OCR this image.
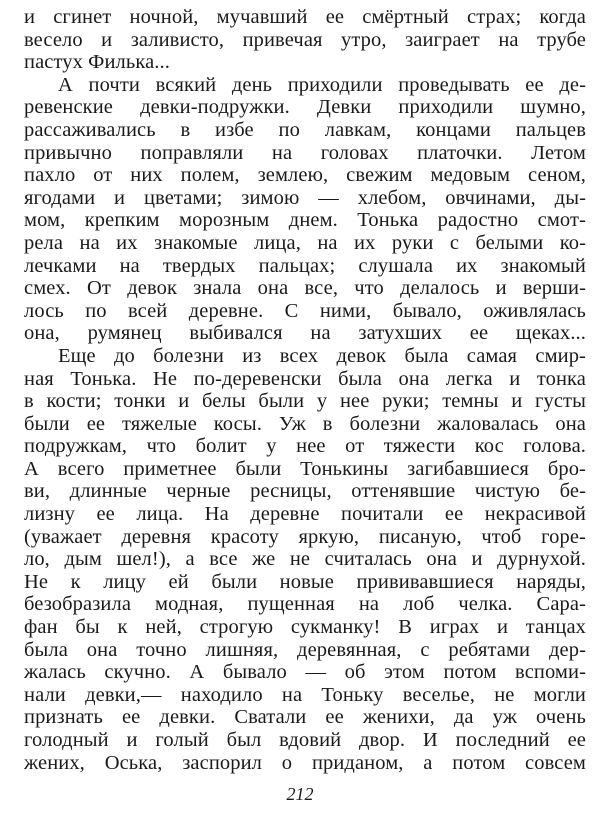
и сгинет ночной, мучавший ее смёртный страх; когда
весело и заливисто, привечая утро, заиграет на трубе
пастух Филька...
А почти всякий день приходили проведывать ее де-
ревенские девки-подружки. Девки приходили шумно,
рассаживались в избе по лавкам, концами пальцев
привычно поправляли на головах платочки. Летом
пахло от них полем, землею, свежим медовым сеном,
ягодами и цветами; зимою — хлебом, овчинами, ды-
мом, крепким морозным днем. Тонька радостно смот-
рела на их знакомые лица, на их руки с белыми ко-
лечками на твердых пальцах; слушала их знакомый
смех. От девок знала она все, что делалось и верши-
лось по всей деревне. С ними, бывало, оживлялась
она, румянец выбивался на затухших ее щеках...
Еще до болезни из всех девок была самая смир-
ная Тонька. Не по-деревенски была она легка и тонка
в кости; тонки и белы были у нее руки; темны и густы
были ее тяжелые косы. Уж в болезни жаловалась она
подружкам, что болит у нее от тяжести кос голова.
А всего приметнее были Тонькины загибавшиеся бро-
ви, длинные черные ресницы, оттенявшие чистую бе-
лизну ее лица. На деревне почитали ее некрасивой
(уважает деревня красоту яркую, писаную, чтоб горе-
ло, дым шел!), а все же не считалась она и дурнухой.
Не к лицу ей были новые прививавшиеся наряды,
безобразила модная, пущенная на лоб челка. Сара-
фан бы к ней, строгую сукманку! В играх и танцах
была она точно лишняя, деревянная, с ребятами дер-
жалась скучно. А бывало — об этом потом вспоми-
нали девки,— находило на Тоньку веселье, не могли
признать ее девки. Сватали ее женихи, да уж очень
голодный и голый был вдовий двор. И последний ее
жених, Оська, заспорил о приданом, а потом совсем
212
